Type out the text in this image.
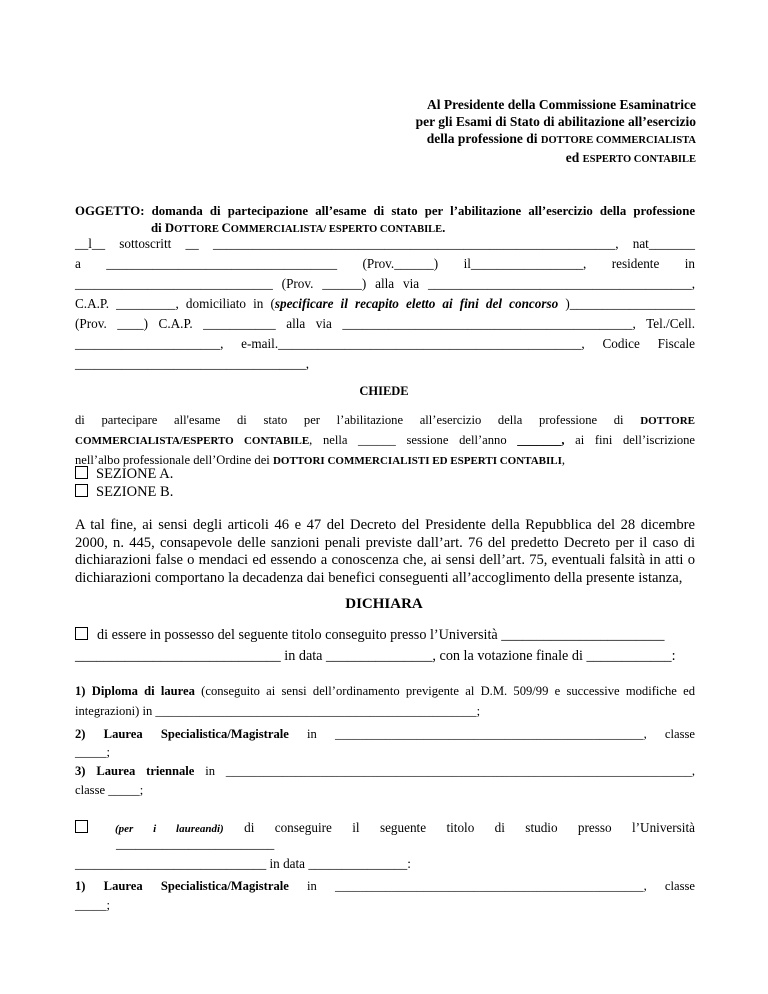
Al Presidente della Commissione Esaminatrice
per gli Esami di Stato di abilitazione all’esercizio
della professione di DOTTORE COMMERCIALISTA
ed ESPERTO CONTABILE
OGGETTO: domanda di partecipazione all’esame di stato per l’abilitazione all’esercizio della professione
di DOTTORE COMMERCIALISTA/ ESPERTO CONTABILE.
__l__ sottoscritt __ _____________________________________________________________, nat_______
a ___________________________________ (Prov.______) il_________________, residente in
______________________________ (Prov. ______) alla via ________________________________________,
C.A.P. _________, domiciliato in (specificare il recapito eletto ai fini del concorso )___________________
(Prov. ____) C.A.P. ___________ alla via ____________________________________________, Tel./Cell.
______________________, e-mail.______________________________________________, Codice Fiscale
___________________________________,
CHIEDE
di partecipare all'esame di stato per l’abilitazione all’esercizio della professione di DOTTORE
COMMERCIALISTA/ESPERTO CONTABILE, nella ______ sessione dell’anno _______, ai fini dell’iscrizione
nell’albo professionale dell’Ordine dei DOTTORI COMMERCIALISTI ED ESPERTI CONTABILI,
SEZIONE A.
SEZIONE B.
A tal fine, ai sensi degli articoli 46 e 47 del Decreto del Presidente della Repubblica del 28 dicembre 2000, n. 445, consapevole delle sanzioni penali previste dall’art. 76 del predetto Decreto per il caso di dichiarazioni false o mendaci ed essendo a conoscenza che, ai sensi dell’art. 75, eventuali falsità in atti o dichiarazioni comportano la decadenza dai benefici conseguenti all’accoglimento della presente istanza,
DICHIARA
di essere in possesso del seguente titolo conseguito presso l’Università _______________________
_____________________________ in data _______________, con la votazione finale di ____________:
1) Diploma di laurea (conseguito ai sensi dell’ordinamento previgente al D.M. 509/99 e successive modifiche ed
integrazioni) in ___________________________________________________;
2) Laurea Specialistica/Magistrale in _________________________________________________, classe
_____;
3) Laurea triennale in __________________________________________________________________________,
classe _____;
(per i laureandi) di conseguire il seguente titolo di studio presso l’Università
________________________
_____________________________ in data _______________:
1) Laurea Specialistica/Magistrale in _________________________________________________, classe
_____;
